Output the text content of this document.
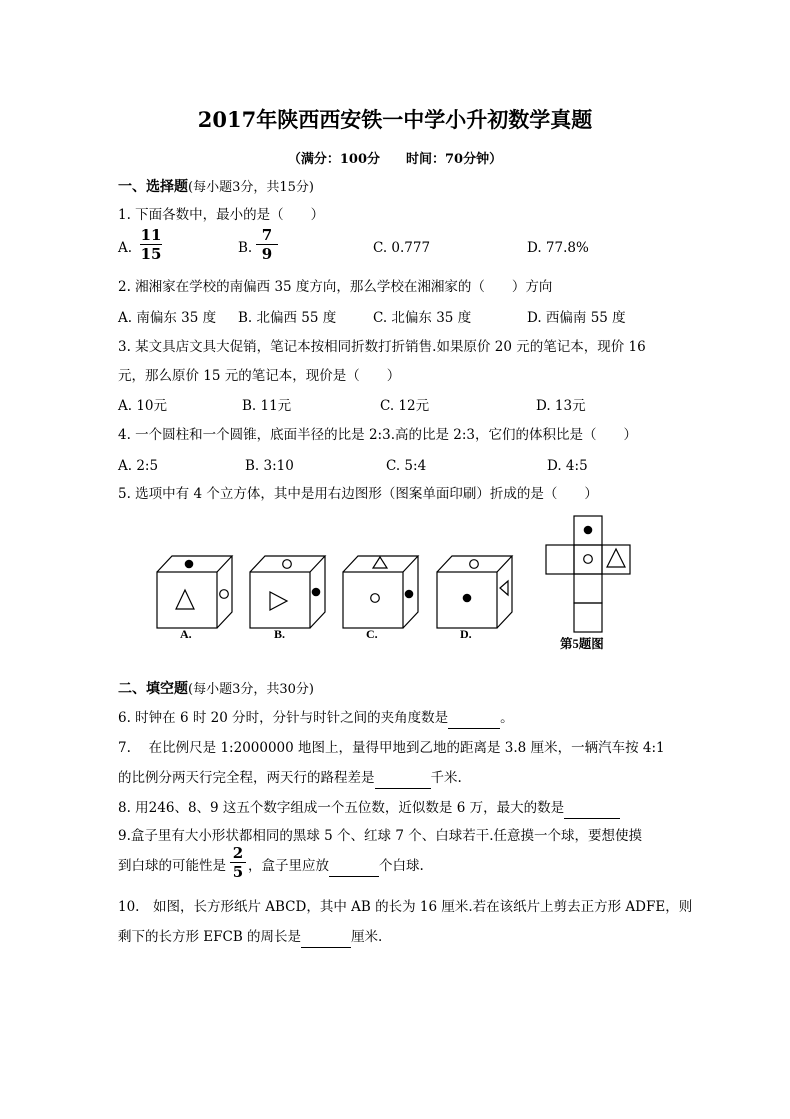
2017年陕西西安铁一中学小升初数学真题
（满分：100分　　时间：70分钟）
一、选择题(每小题3分，共15分)
1. 下面各数中，最小的是（　　）
A. $\frac{11}{15}$	B. $\frac{7}{9}$	C. 0.777	D. 77.8%
2. 湘湘家在学校的南偏西 35 度方向，那么学校在湘湘家的（　　）方向
A. 南偏东 35 度 B. 北偏西 55 度	C. 北偏东 35 度	D. 西偏南 55 度
3. 某文具店文具大促销，笔记本按相同折数打折销售.如果原价 20 元的笔记本，现价 16
元，那么原价 15 元的笔记本，现价是（　　）
A. 10元	B. 11元	C. 12元	D. 13元
4. 一个圆柱和一个圆锥，底面半径的比是 2:3.高的比是 2:3，它们的体积比是（　　）
A. 2:5	B. 3:10	C. 5:4	D. 4:5
5. 选项中有 4 个立方体，其中是用右边图形（图案单面印刷）折成的是（　　）
A.	B.	C.	D.
第5题图
二、填空题(每小题3分，共30分)
6. 时钟在 6 时 20 分时，分针与时针之间的夹角度数是	。
7.　 在比例尺是 1:2000000 地图上，量得甲地到乙地的距离是 3.8 厘米，一辆汽车按 4:1
的比例分两天行完全程，两天行的路程差是	千米.
8. 用246、8、9 这五个数字组成一个五位数，近似数是 6 万，最大的数是
9.盒子里有大小形状都相同的黑球 5 个、红球 7 个、白球若干.任意摸一个球，要想使摸
到白球的可能性是 $\frac{2}{5}$ ，盒子里应放	个白球.
10.　如图，长方形纸片 ABCD，其中 AB 的长为 16 厘米.若在该纸片上剪去正方形 ADFE，则
剩下的长方形 EFCB 的周长是	厘米.
